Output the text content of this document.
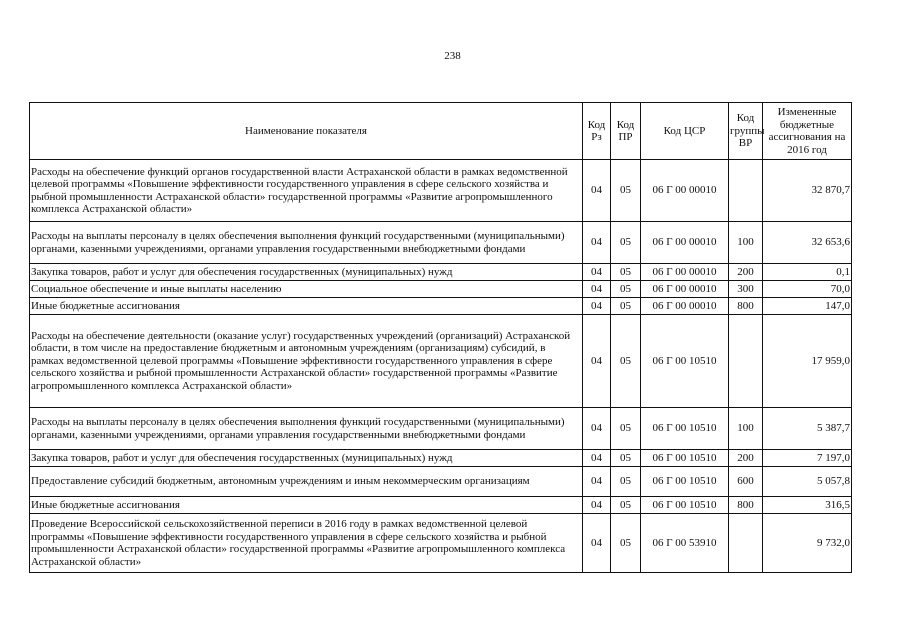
238
Наименование показателя	Код Рз	Код ПР	Код ЦСР	Код группы ВР	Измененные бюджетные ассигнования на 2016 год
Расходы на обеспечение функций органов государственной власти Астраханской области в рамках ведомственной целевой программы «Повышение эффективности государственного управления в сфере сельского хозяйства и рыбной промышленности Астраханской области» государственной программы «Развитие агропромышленного комплекса Астраханской области»	04	05	06 Г 00 00010		32 870,7
Расходы на выплаты персоналу в целях обеспечения выполнения функций государственными (муниципальными) органами, казенными учреждениями, органами управления государственными внебюджетными фондами	04	05	06 Г 00 00010	100	32 653,6
Закупка товаров, работ и услуг для обеспечения государственных (муниципальных) нужд	04	05	06 Г 00 00010	200	0,1
Социальное обеспечение и иные выплаты населению	04	05	06 Г 00 00010	300	70,0
Иные бюджетные ассигнования	04	05	06 Г 00 00010	800	147,0
Расходы на обеспечение деятельности (оказание услуг) государственных учреждений (организаций) Астраханской области, в том числе на предоставление бюджетным и автономным учреждениям (организациям) субсидий, в рамках ведомственной целевой программы «Повышение эффективности государственного управления в сфере сельского хозяйства и рыбной промышленности Астраханской области» государственной программы «Развитие агропромышленного комплекса Астраханской области»	04	05	06 Г 00 10510		17 959,0
Расходы на выплаты персоналу в целях обеспечения выполнения функций государственными (муниципальными) органами, казенными учреждениями, органами управления государственными внебюджетными фондами	04	05	06 Г 00 10510	100	5 387,7
Закупка товаров, работ и услуг для обеспечения государственных (муниципальных) нужд	04	05	06 Г 00 10510	200	7 197,0
Предоставление субсидий бюджетным, автономным учреждениям и иным некоммерческим организациям	04	05	06 Г 00 10510	600	5 057,8
Иные бюджетные ассигнования	04	05	06 Г 00 10510	800	316,5
Проведение Всероссийской сельскохозяйственной переписи в 2016 году в рамках ведомственной целевой программы «Повышение эффективности государственного управления в сфере сельского хозяйства и рыбной промышленности Астраханской области» государственной программы «Развитие агропромышленного комплекса Астраханской области»	04	05	06 Г 00 53910		9 732,0
